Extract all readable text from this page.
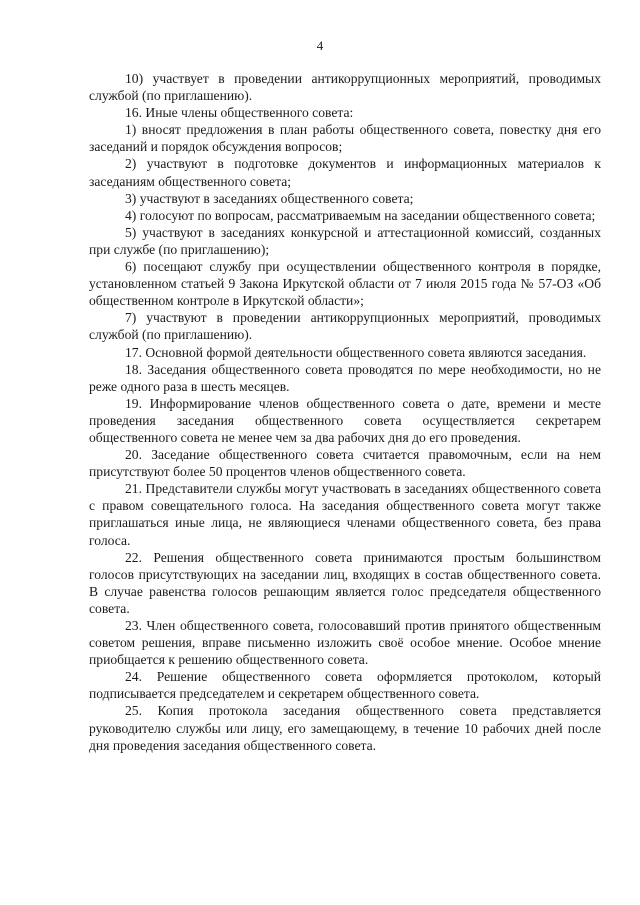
4

10) участвует в проведении антикоррупционных мероприятий, проводимых службой (по приглашению).

16. Иные члены общественного совета:

1) вносят предложения в план работы общественного совета, повестку дня его заседаний и порядок обсуждения вопросов;

2) участвуют в подготовке документов и информационных материалов к заседаниям общественного совета;

3) участвуют в заседаниях общественного совета;

4) голосуют по вопросам, рассматриваемым на заседании общественного совета;

5) участвуют в заседаниях конкурсной и аттестационной комиссий, созданных при службе (по приглашению);

6) посещают службу при осуществлении общественного контроля в порядке, установленном статьей 9 Закона Иркутской области от 7 июля 2015 года № 57-ОЗ «Об общественном контроле в Иркутской области»;

7) участвуют в проведении антикоррупционных мероприятий, проводимых службой (по приглашению).

17. Основной формой деятельности общественного совета являются заседания.

18. Заседания общественного совета проводятся по мере необходимости, но не реже одного раза в шесть месяцев.

19. Информирование членов общественного совета о дате, времени и месте проведения заседания общественного совета осуществляется секретарем общественного совета не менее чем за два рабочих дня до его проведения.

20. Заседание общественного совета считается правомочным, если на нем присутствуют более 50 процентов членов общественного совета.

21. Представители службы могут участвовать в заседаниях общественного совета с правом совещательного голоса. На заседания общественного совета могут также приглашаться иные лица, не являющиеся членами общественного совета, без права голоса.

22. Решения общественного совета принимаются простым большинством голосов присутствующих на заседании лиц, входящих в состав общественного совета. В случае равенства голосов решающим является голос председателя общественного совета.

23. Член общественного совета, голосовавший против принятого общественным советом решения, вправе письменно изложить своё особое мнение. Особое мнение приобщается к решению общественного совета.

24. Решение общественного совета оформляется протоколом, который подписывается председателем и секретарем общественного совета.

25. Копия протокола заседания общественного совета представляется руководителю службы или лицу, его замещающему, в течение 10 рабочих дней после дня проведения заседания общественного совета.
